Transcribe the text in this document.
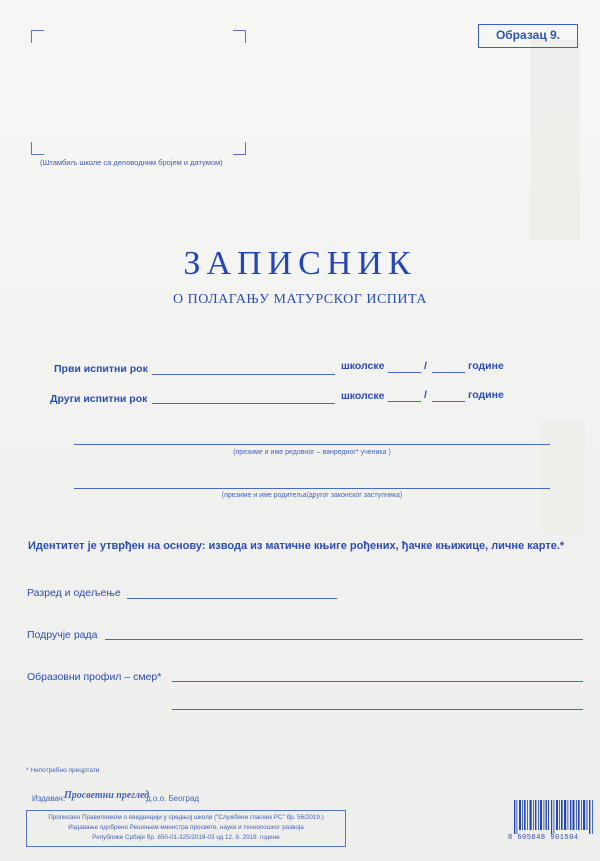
Образац 9.
(Штамбиљ школе са деловодним бројем и датумом)
ЗАПИСНИК
О ПОЛАГАЊУ МАТУРСКОГ ИСПИТА
Први испитни рок	школске	/	године
Други испитни рок	школске	/	године
(презиме и име редовног – ванредног* ученика )
(презиме и име родитеља/другог законског заступника)
Идентитет је утврђен на основу: извода из матичне књиге рођених, ђачке књижице, личне карте.*
Разред и одељење
Подручје рада
Образовни профил – смер*
* Непотребно прецртати
Издавач:
Просветни преглед
д.о.о. Београд
Прописано Правилником о евиденцији у средњој школи ("Службени гласник РС" бр. 56/2019.)
Издавање одобрено Решењем министра просвете, науке и технолошког развоја
Републике Србије бр. 650-01-325/2019-03 од 12. 8. 2019. године	8 605048 901504
